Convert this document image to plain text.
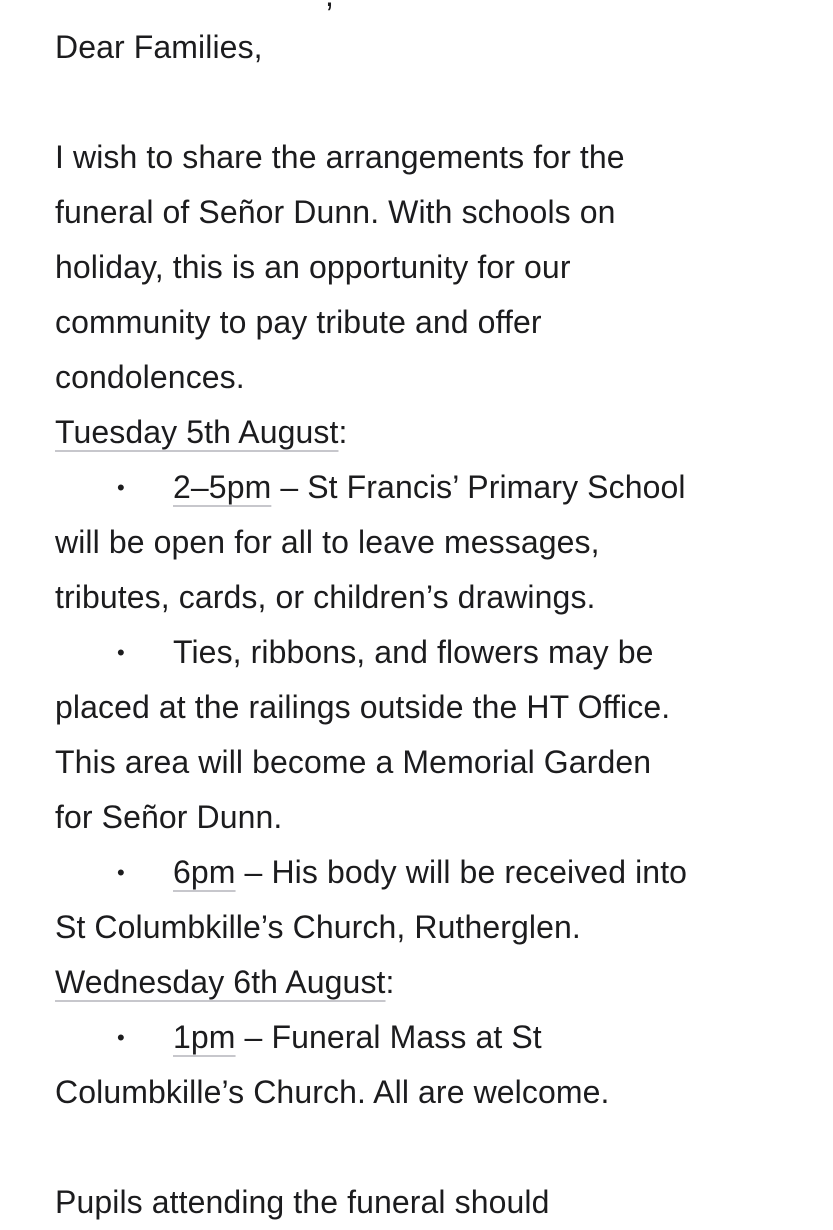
Dear Families,
I wish to share the arrangements for the
funeral of Señor Dunn. With schools on
holiday, this is an opportunity for our
community to pay tribute and offer
condolences.
Tuesday 5th August:
• 2–5pm – St Francis’ Primary School
will be open for all to leave messages,
tributes, cards, or children’s drawings.
• Ties, ribbons, and flowers may be
placed at the railings outside the HT Office.
This area will become a Memorial Garden
for Señor Dunn.
• 6pm – His body will be received into
St Columbkille’s Church, Rutherglen.
Wednesday 6th August:
• 1pm – Funeral Mass at St
Columbkille’s Church. All are welcome.
Pupils attending the funeral should
